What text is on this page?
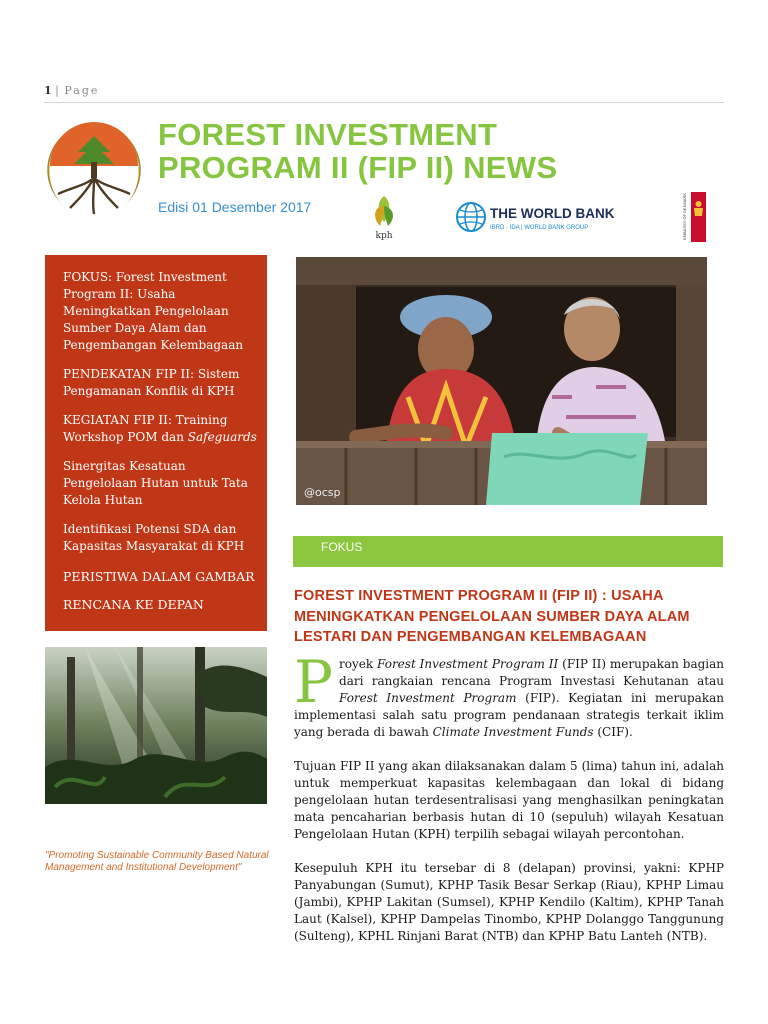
1 | Page
FOREST INVESTMENT
PROGRAM II (FIP II) NEWS
Edisi 01 Desember 2017
kph
THE WORLD BANK
IBRD · IDA | WORLD BANK GROUP	EMBASSY OF DENMARK
FOKUS: Forest Investment Program II: Usaha Meningkatkan Pengelolaan Sumber Daya Alam dan Pengembangan Kelembagaan
PENDEKATAN FIP II: Sistem Pengamanan Konflik di KPH
KEGIATAN FIP II: Training Workshop POM dan Safeguards
Sinergitas Kesatuan Pengelolaan Hutan untuk Tata Kelola Hutan
Identifikasi Potensi SDA dan Kapasitas Masyarakat di KPH
PERISTIWA DALAM GAMBAR
RENCANA KE DEPAN
@ocsp
FOKUS
FOREST INVESTMENT PROGRAM II (FIP II) : USAHA MENINGKATKAN PENGELOLAAN SUMBER DAYA ALAM LESTARI DAN PENGEMBANGAN KELEMBAGAAN
"Promoting Sustainable Community Based Natural Management and Institutional Development"

Proyek Forest Investment Program II (FIP II) merupakan bagian dari rangkaian rencana Program Investasi Kehutanan atau Forest Investment Program (FIP). Kegiatan ini merupakan implementasi salah satu program pendanaan strategis terkait iklim yang berada di bawah Climate Investment Funds (CIF).

Tujuan FIP II yang akan dilaksanakan dalam 5 (lima) tahun ini, adalah untuk memperkuat kapasitas kelembagaan dan lokal di bidang pengelolaan hutan terdesentralisasi yang menghasilkan peningkatan mata pencaharian berbasis hutan di 10 (sepuluh) wilayah Kesatuan Pengelolaan Hutan (KPH) terpilih sebagai wilayah percontohan.

Kesepuluh KPH itu tersebar di 8 (delapan) provinsi, yakni: KPHP Panyabungan (Sumut), KPHP Tasik Besar Serkap (Riau), KPHP Limau (Jambi), KPHP Lakitan (Sumsel), KPHP Kendilo (Kaltim), KPHP Tanah Laut (Kalsel), KPHP Dampelas Tinombo, KPHP Dolanggo Tanggunung (Sulteng), KPHL Rinjani Barat (NTB) dan KPHP Batu Lanteh (NTB).
